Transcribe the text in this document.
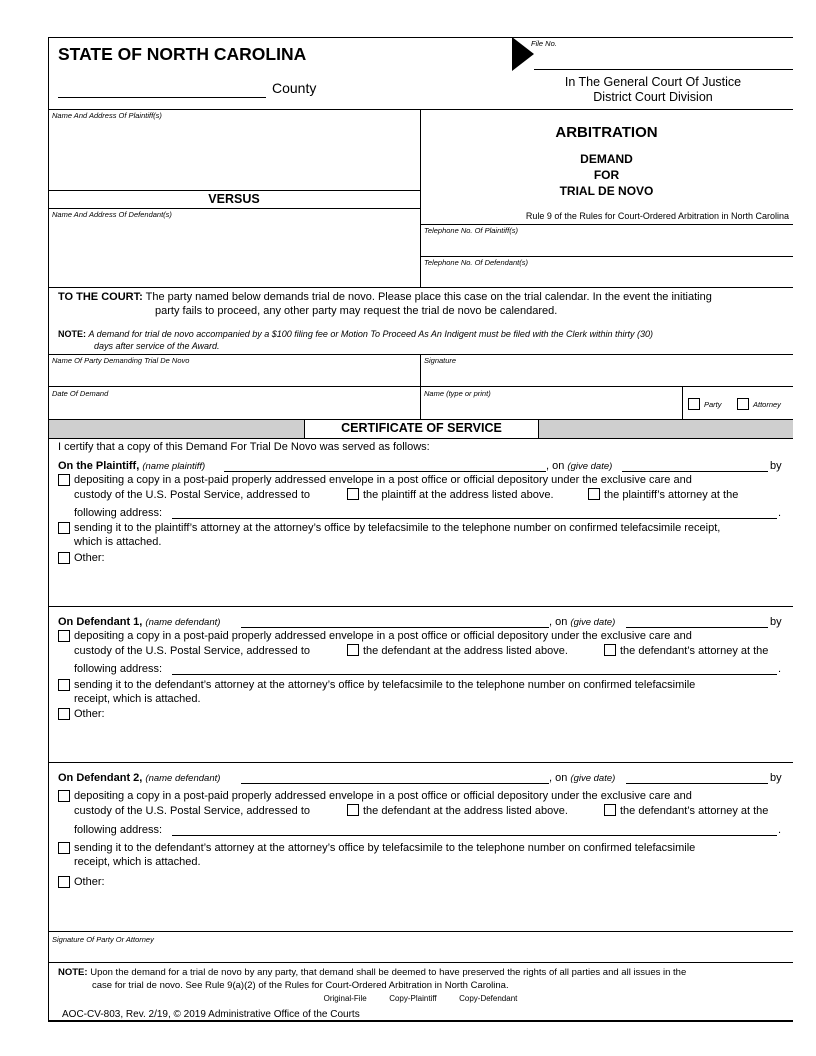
STATE OF NORTH CAROLINA
County
File No.
In The General Court Of Justice
District Court Division
Name And Address Of Plaintiff(s)
VERSUS
Name And Address Of Defendant(s)
ARBITRATION
DEMAND
FOR
TRIAL DE NOVO
Rule 9 of the Rules for Court-Ordered Arbitration in North Carolina
Telephone No. Of Plaintiff(s)
Telephone No. Of Defendant(s)
TO THE COURT: The party named below demands trial de novo. Please place this case on the trial calendar. In the event the initiating
party fails to proceed, any other party may request the trial de novo be calendared.
NOTE: A demand for trial de novo accompanied by a $100 filing fee or Motion To Proceed As An Indigent must be filed with the Clerk within thirty (30)
days after service of the Award.
Name Of Party Demanding Trial De Novo	Signature
Date Of Demand	Name (type or print)
Party	Attorney
CERTIFICATE OF SERVICE
I certify that a copy of this Demand For Trial De Novo was served as follows:
On the Plaintiff, (name plaintiff)	, on (give date)	by
depositing a copy in a post-paid properly addressed envelope in a post office or official depository under the exclusive care and
custody of the U.S. Postal Service, addressed to	the plaintiff at the address listed above.	the plaintiff’s attorney at the
following address:	.
sending it to the plaintiff’s attorney at the attorney’s office by telefacsimile to the telephone number on confirmed telefacsimile receipt,
which is attached.
Other:
On Defendant 1, (name defendant)	, on (give date)	by
depositing a copy in a post-paid properly addressed envelope in a post office or official depository under the exclusive care and
custody of the U.S. Postal Service, addressed to	the defendant at the address listed above.	the defendant’s attorney at the
following address:	.
sending it to the defendant’s attorney at the attorney’s office by telefacsimile to the telephone number on confirmed telefacsimile
receipt, which is attached.
Other:
On Defendant 2, (name defendant)	, on (give date)	by
depositing a copy in a post-paid properly addressed envelope in a post office or official depository under the exclusive care and
custody of the U.S. Postal Service, addressed to	the defendant at the address listed above.	the defendant’s attorney at the
following address:	.
sending it to the defendant’s attorney at the attorney’s office by telefacsimile to the telephone number on confirmed telefacsimile
receipt, which is attached.
Other:
Signature Of Party Or Attorney
NOTE: Upon the demand for a trial de novo by any party, that demand shall be deemed to have preserved the rights of all parties and all issues in the
case for trial de novo. See Rule 9(a)(2) of the Rules for Court-Ordered Arbitration in North Carolina.
Original-File	Copy-Plaintiff	Copy-Defendant
AOC-CV-803, Rev. 2/19, © 2019 Administrative Office of the Courts
